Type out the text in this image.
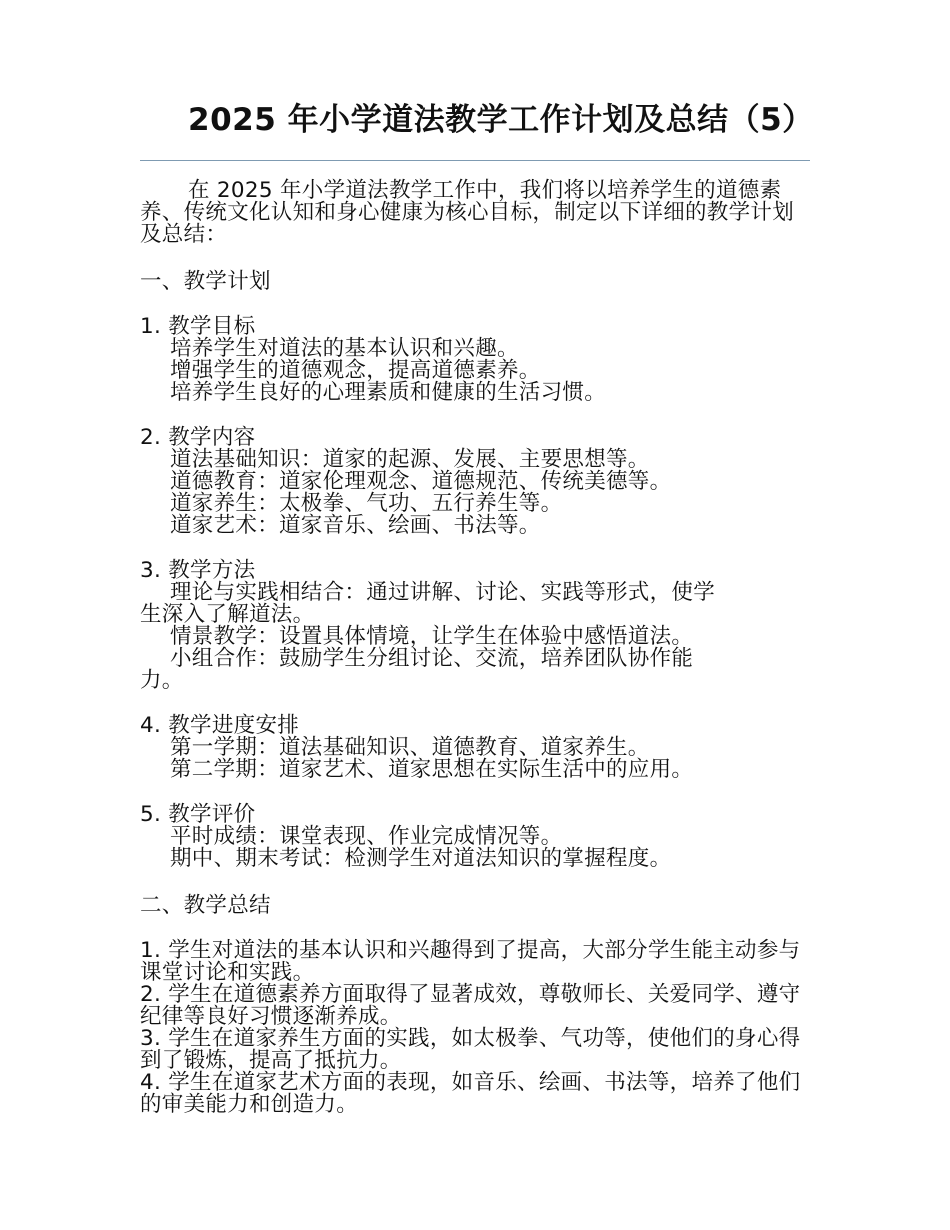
2025 年小学道法教学工作计划及总结（5）

在 2025 年小学道法教学工作中，我们将以培养学生的道德素养、传统文化认知和身心健康为核心目标，制定以下详细的教学计划及总结：

一、教学计划

1. 教学目标

培养学生对道法的基本认识和兴趣。

增强学生的道德观念，提高道德素养。

培养学生良好的心理素质和健康的生活习惯。

2. 教学内容

道法基础知识：道家的起源、发展、主要思想等。

道德教育：道家伦理观念、道德规范、传统美德等。

道家养生：太极拳、气功、五行养生等。

道家艺术：道家音乐、绘画、书法等。

3. 教学方法

理论与实践相结合：通过讲解、讨论、实践等形式，使学

生深入了解道法。

情景教学：设置具体情境，让学生在体验中感悟道法。

小组合作：鼓励学生分组讨论、交流，培养团队协作能

力。

4. 教学进度安排

第一学期：道法基础知识、道德教育、道家养生。

第二学期：道家艺术、道家思想在实际生活中的应用。

5. 教学评价

平时成绩：课堂表现、作业完成情况等。

期中、期末考试：检测学生对道法知识的掌握程度。

二、教学总结

1. 学生对道法的基本认识和兴趣得到了提高，大部分学生能主动参与课堂讨论和实践。

2. 学生在道德素养方面取得了显著成效，尊敬师长、关爱同学、遵守纪律等良好习惯逐渐养成。

3. 学生在道家养生方面的实践，如太极拳、气功等，使他们的身心得到了锻炼，提高了抵抗力。

4. 学生在道家艺术方面的表现，如音乐、绘画、书法等，培养了他们的审美能力和创造力。
